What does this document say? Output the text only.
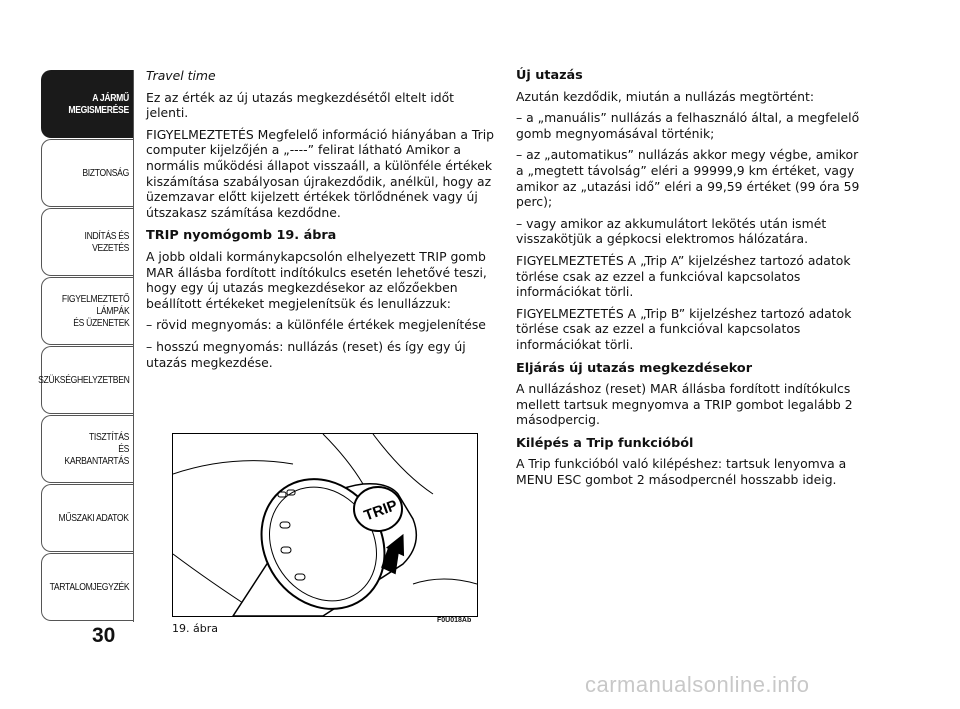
A JÁRMŰ
MEGISMERÉSE
BIZTONSÁG
INDÍTÁS ÉS VEZETÉS
FIGYELMEZTETŐ
LÁMPÁK
ÉS ÜZENETEK
SZÜKSÉGHELYZETBEN
TISZTÍTÁS
ÉS KARBANTARTÁS
MŰSZAKI ADATOK
TARTALOMJEGYZÉK
30

Travel time

Ez az érték az új utazás megkezdésétől eltelt időt jelenti.

FIGYELMEZTETÉS Megfelelő információ hiányában a Trip computer kijelzőjén a „----” felirat látható Amikor a normális működési állapot visszaáll, a különféle értékek kiszámítása szabályosan újrakezdődik, anélkül, hogy az üzemzavar előtt kijelzett értékek törlődnének vagy új útszakasz számítása kezdődne.

TRIP nyomógomb 19. ábra

A jobb oldali kormánykapcsolón elhelyezett TRIP gomb MAR állásba fordított indítókulcs esetén lehetővé teszi, hogy egy új utazás megkezdésekor az előzőekben beállított értékeket megjelenítsük és lenullázzuk:

– rövid megnyomás: a különféle értékek megjelenítése

– hosszú megnyomás: nullázás (reset) és így egy új utazás megkezdése.

Új utazás

Azután kezdődik, miután a nullázás megtörtént:

– a „manuális” nullázás a felhasználó által, a megfelelő gomb megnyomásával történik;

– az „automatikus” nullázás akkor megy végbe, amikor a „megtett távolság” eléri a 99999,9 km értéket, vagy amikor az „utazási idő” eléri a 99,59 értéket (99 óra 59 perc);

– vagy amikor az akkumulátort lekötés után ismét visszakötjük a gépkocsi elektromos hálózatára.

FIGYELMEZTETÉS A „Trip A” kijelzéshez tartozó adatok törlése csak az ezzel a funkcióval kapcsolatos információkat törli.

FIGYELMEZTETÉS A „Trip B” kijelzéshez tartozó adatok törlése csak az ezzel a funkcióval kapcsolatos információkat törli.

Eljárás új utazás megkezdésekor

A nullázáshoz (reset) MAR állásba fordított indítókulcs mellett tartsuk megnyomva a TRIP gombot legalább 2 másodpercig.

Kilépés a Trip funkcióból

A Trip funkcióból való kilépéshez: tartsuk lenyomva a MENU ESC gombot 2 másodpercnél hosszabb ideig.

TRIP
19. ábra
F0U018Ab
carmanualsonline.info
